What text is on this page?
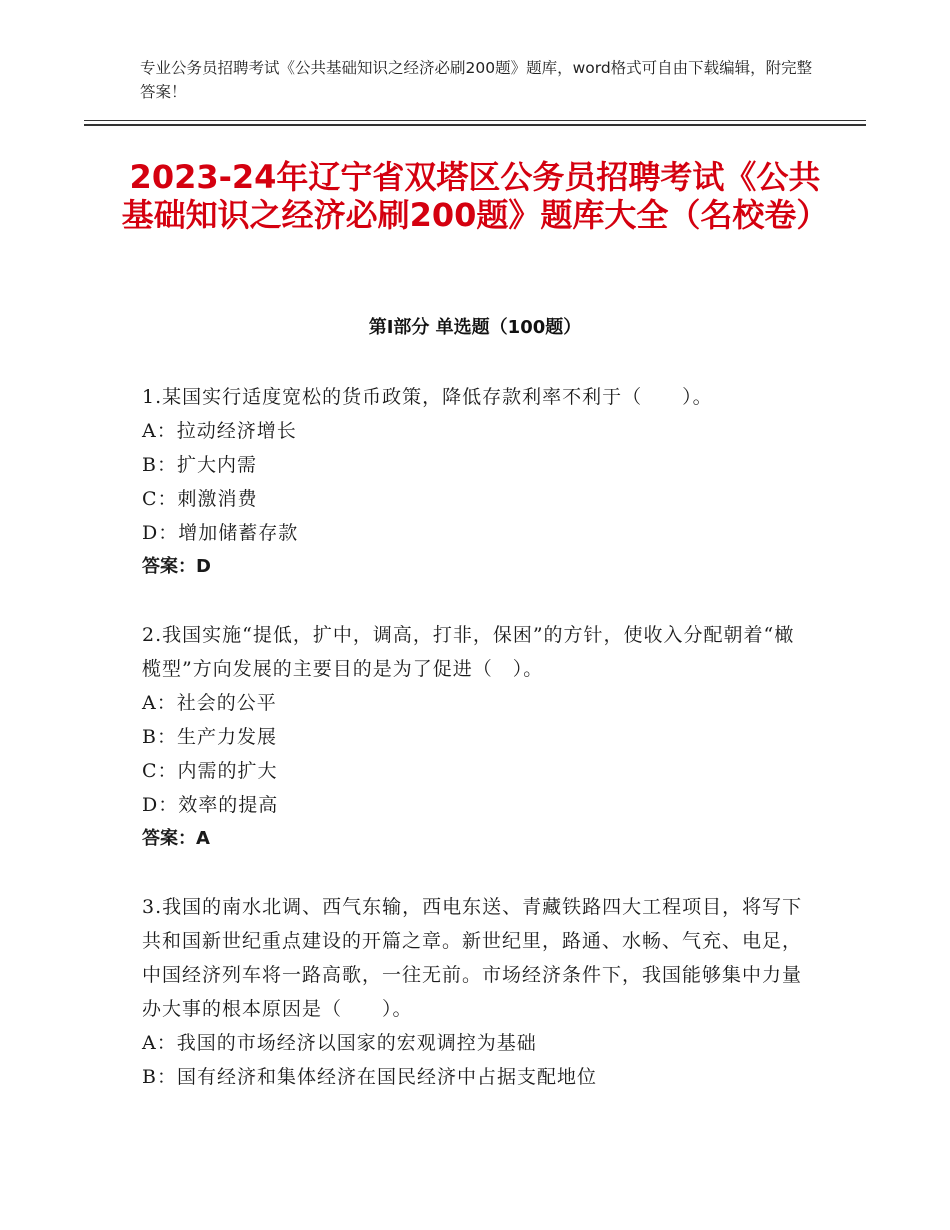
专业公务员招聘考试《公共基础知识之经济必刷200题》题库，word格式可自由下载编辑，附完整答案！
2023-24年辽宁省双塔区公务员招聘考试《公共基础知识之经济必刷200题》题库大全（名校卷）
第Ⅰ部分 单选题（100题）
1.某国实行适度宽松的货币政策，降低存款利率不利于（　　）。
A：拉动经济增长
B：扩大内需
C：刺激消费
D：增加储蓄存款
答案：D
2.我国实施“提低，扩中，调高，打非，保困”的方针，使收入分配朝着“橄榄型”方向发展的主要目的是为了促进（　）。
A：社会的公平
B：生产力发展
C：内需的扩大
D：效率的提高
答案：A
3.我国的南水北调、西气东输，西电东送、青藏铁路四大工程项目，将写下共和国新世纪重点建设的开篇之章。新世纪里，路通、水畅、气充、电足，中国经济列车将一路高歌，一往无前。市场经济条件下，我国能够集中力量办大事的根本原因是（　　）。
A：我国的市场经济以国家的宏观调控为基础
B：国有经济和集体经济在国民经济中占据支配地位
